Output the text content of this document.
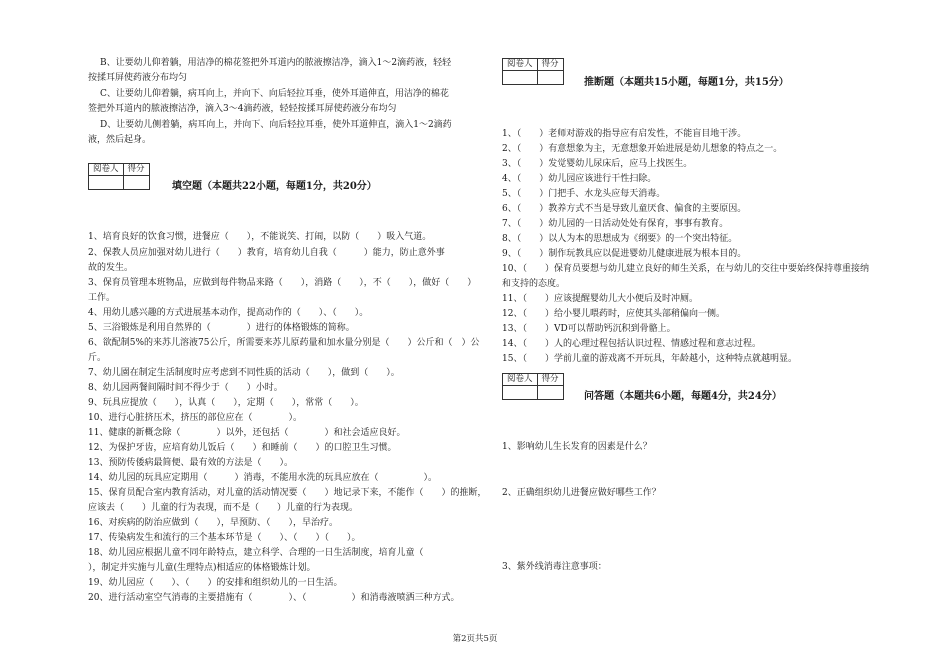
B、让要幼儿仰着躺，用洁净的棉花签把外耳道内的脓液擦洁净，滴入1～2滴药液，轻轻
按揉耳屏使药液分布均匀
C、让要幼儿仰着躺，病耳向上，并向下、向后轻拉耳垂，使外耳道伸直，用洁净的棉花
签把外耳道内的脓液擦洁净，滴入3～4滴药液，轻轻按揉耳屏使药液分布均匀
D、让要幼儿侧着躺，病耳向上，并向下、向后轻拉耳垂，使外耳道伸直，滴入1～2滴药
液，然后起身。
阅卷人	得分

填空题（本题共22小题，每题1分，共20分）
1、培育良好的饮食习惯，进餐应（　　），不能说笑、打闹，以防（　　）吸入气道。
2、保教人员应加强对幼儿进行（　　）教育，培育幼儿自我（　　　）能力，防止意外事
故的发生。
3、保育员管理本班物品，应做到每件物品来路（　　），消路（　　），不（　　），做好（　　）
工作。
4、用幼儿感兴趣的方式进展基本动作，提高动作的（　　）、（　　）。
5、三浴锻炼是利用自然界的（　　　　）进行的体格锻炼的简称。
6、欲配制5%的来苏儿溶液75公斤，所需要来苏儿原药量和加水量分别是（　　）公斤和（　）公
斤。
7、幼儿園在制定生活制度时应考虑到不同性质的活动（　　），做到（　　）。
8、幼儿园两餐间隔时间不得少于（　　）小时。
9、玩具应提放（　　），认真（　　），定期（　　），常常（　　）。
10、进行心脏挤压术，挤压的部位应在（　　　　）。
11、健康的新概念除（　　　　）以外，还包括（　　　　）和社会适应良好。
12、为保护牙齿，应培育幼儿饭后（　　）和睡前（　　）的口腔卫生习惯。
13、预防传倭病最简便、最有效的方法是（　　）。
14、幼儿园的玩具应定期用（　　　）消毒，不能用水洗的玩具应放在（　　　　　）。
15、保育员配合室内教育活动，对儿童的活动情况要（　　）地记录下来，不能作（　　）的推断，
应该去（　　）儿童的行为表现，而不是（　　）儿童的行为表现。
16、对疾病的防治应做到（　　），早预防、（　　），早治疗。
17、传染病发生和流行的三个基本环节是（　　）、（　　）（　　）。
18、幼儿园应根据儿童不同年龄特点，建立科学、合理的一日生活制度，培育儿童（　　
），制定并实施与儿童(生理特点)相适应的体格锻炼计划。
19、幼儿园应（　　）、（　　）的安排和组织幼儿的一日生活。
20、进行活动室空气消毒的主要措施有（　　　　）、（　　　　　）和消毒液喷洒三种方式。
阅卷人	得分

推断题（本题共15小题，每题1分，共15分）
1、（　　）老师对游戏的指导应有启发性，不能盲目地干涉。
2、（　　）有意想象为主，无意想象开始进展是幼儿想象的特点之一。
3、（　　）发觉婴幼儿尿床后，应马上找医生。
4、（　　）幼儿园应该进行干性扫除。
5、（　　）门把手、水龙头应每天消毒。
6、（　　）教养方式不当是导致儿童厌食、偏食的主要原因。
7、（　　）幼儿园的一日活动处处有保育，事事有教育。
8、（　　）以人为本的思想成为《纲要》的一个突出特征。
9、（　　）制作玩教具应以促进婴幼儿健康进展为根本目的。
10、（　　）保育员要想与幼儿建立良好的师生关系，在与幼儿的交往中要始终保持尊重接纳
和支持的态度。
11、（　　）应该提醒婴幼儿大小便后及时冲厕。
12、（　　）给小婴儿喂药时，应使其头部稍偏向一侧。
13、（　　）VD可以帮助钙沉积到骨骼上。
14、（　　）人的心理过程包括认识过程、情感过程和意志过程。
15、（　　）学前儿童的游戏离不开玩具，年龄越小，这种特点就越明显。
阅卷人	得分

问答题（本题共6小题，每题4分，共24分）
1、影响幼儿生长发育的因素是什么？
2、正确组织幼儿进餐应做好哪些工作？
3、紫外线消毒注意事项：
第2页共5页
